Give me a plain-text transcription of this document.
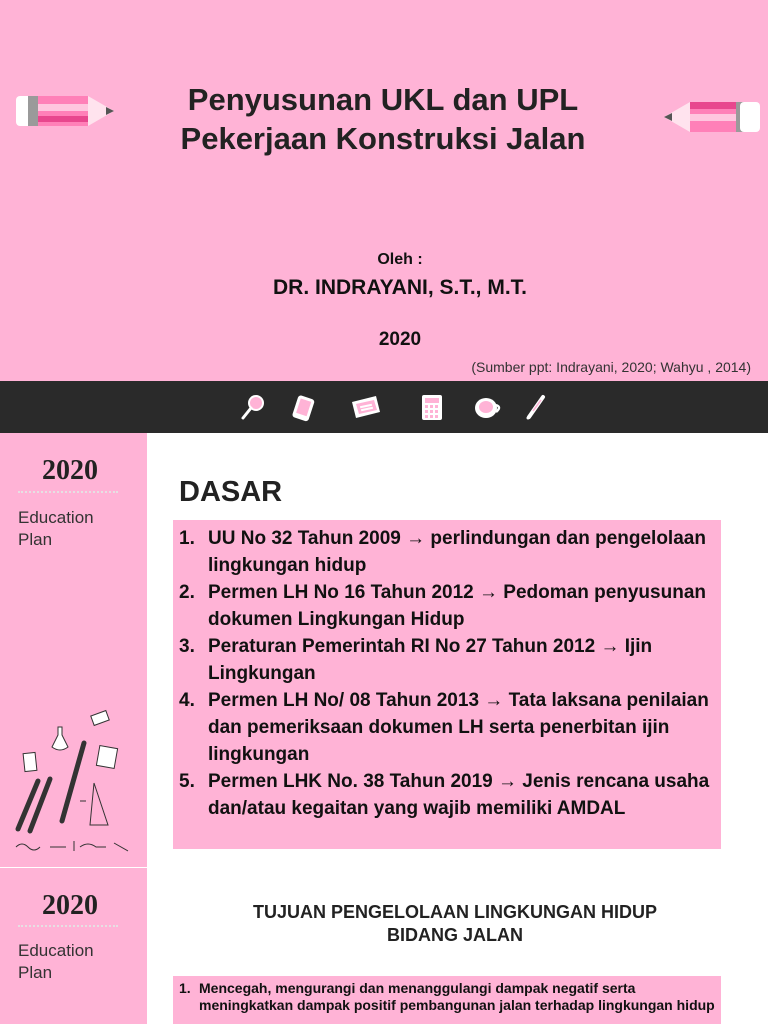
Penyusunan UKL dan UPL
Pekerjaan Konstruksi Jalan
Oleh :
DR. INDRAYANI, S.T., M.T.
2020
(Sumber ppt: Indrayani, 2020; Wahyu , 2014)
2020
Education
Plan
DASAR
1. UU No 32 Tahun 2009 → perlindungan dan pengelolaan lingkungan hidup
2. Permen LH No 16 Tahun 2012 → Pedoman penyusunan dokumen Lingkungan Hidup
3. Peraturan Pemerintah RI No 27 Tahun 2012 → Ijin Lingkungan
4. Permen LH No/ 08 Tahun 2013 → Tata laksana penilaian dan pemeriksaan dokumen LH serta penerbitan ijin lingkungan
5. Permen LHK No. 38 Tahun 2019 → Jenis rencana usaha dan/atau kegaitan yang wajib memiliki AMDAL
2020
Education
Plan
TUJUAN PENGELOLAAN LINGKUNGAN HIDUP
BIDANG JALAN
1. Mencegah, mengurangi dan menanggulangi dampak negatif serta meningkatkan dampak positif pembangunan jalan terhadap lingkungan hidup
